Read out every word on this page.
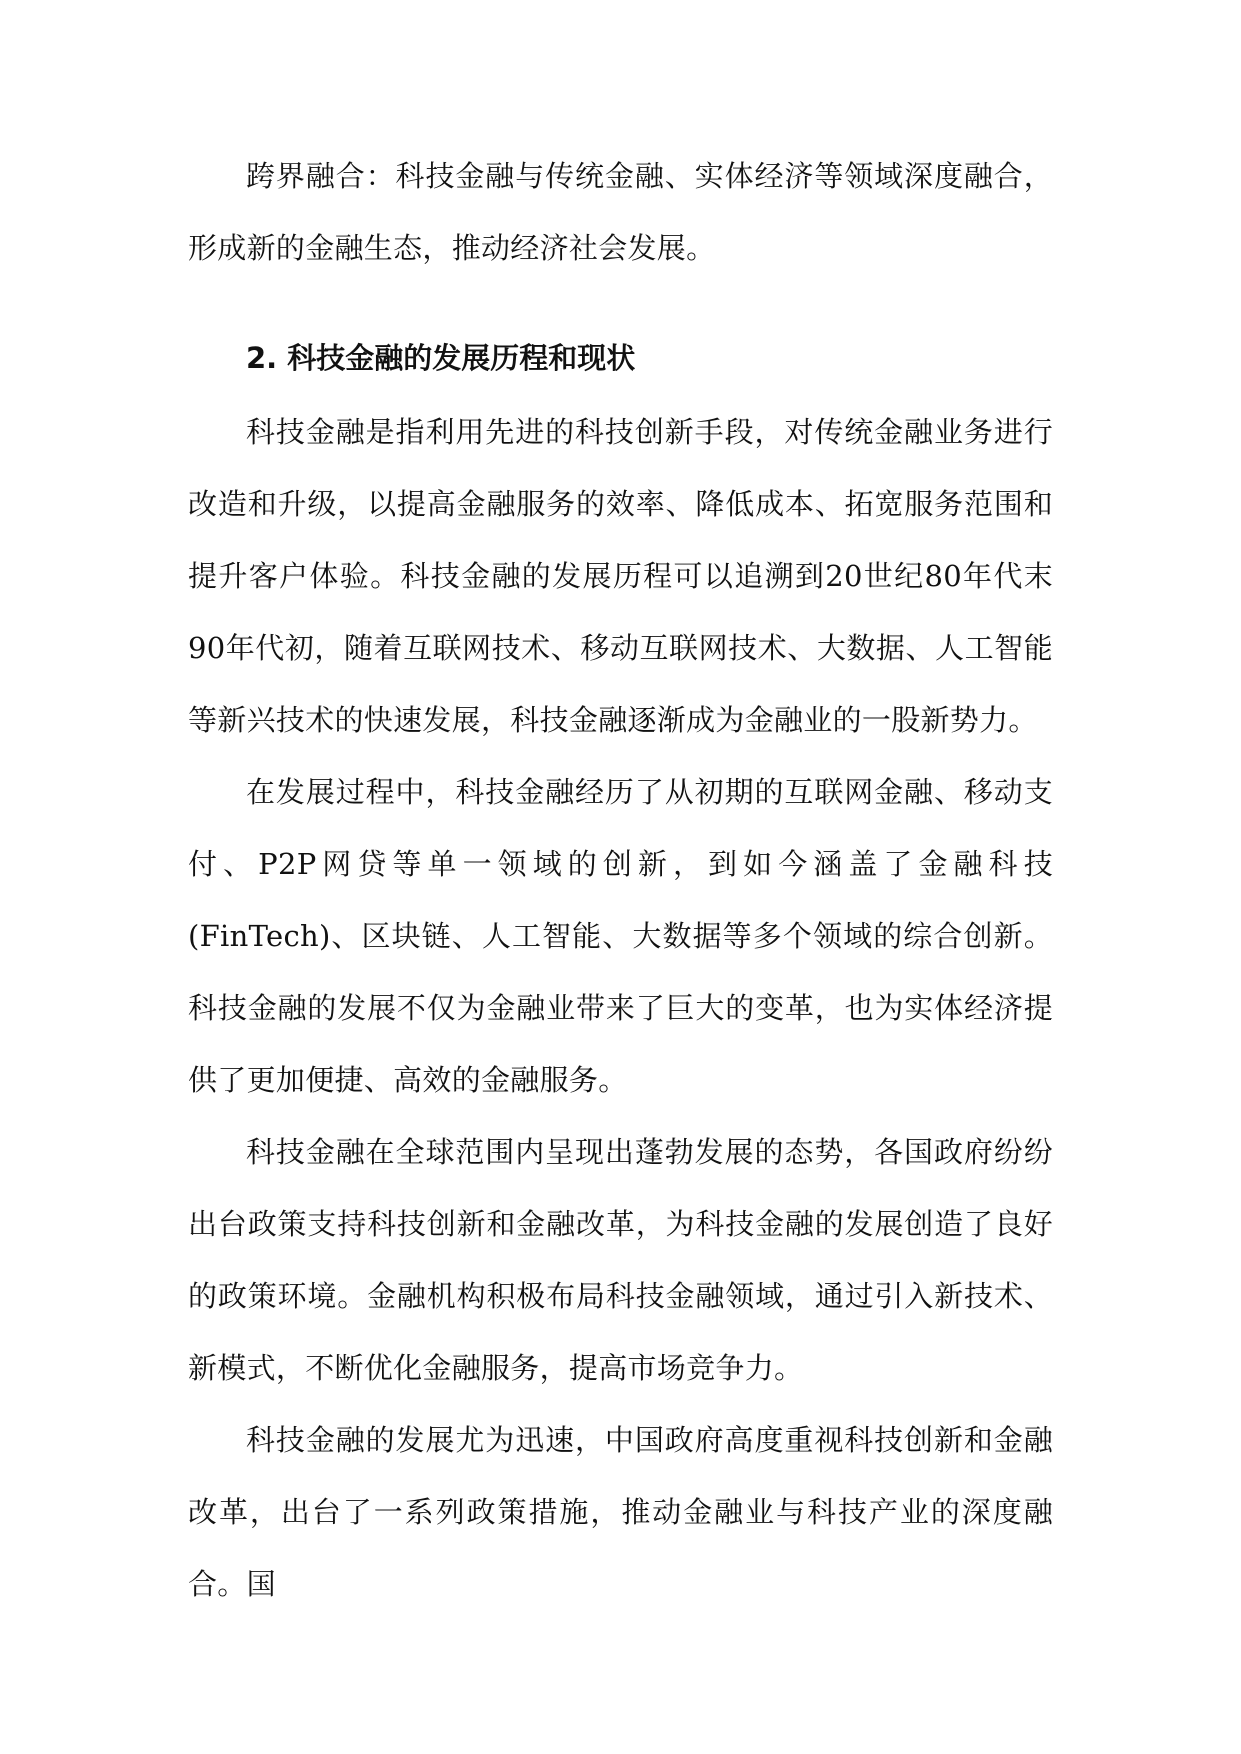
跨界融合：科技金融与传统金融、实体经济等领域深度融合，形成新的金融生态，推动经济社会发展。

2. 科技金融的发展历程和现状

科技金融是指利用先进的科技创新手段，对传统金融业务进行改造和升级，以提高金融服务的效率、降低成本、拓宽服务范围和提升客户体验。科技金融的发展历程可以追溯到20世纪80年代末90年代初，随着互联网技术、移动互联网技术、大数据、人工智能等新兴技术的快速发展，科技金融逐渐成为金融业的一股新势力。

在发展过程中，科技金融经历了从初期的互联网金融、移动支付、P2P网贷等单一领域的创新，到如今涵盖了金融科技(FinTech)、区块链、人工智能、大数据等多个领域的综合创新。科技金融的发展不仅为金融业带来了巨大的变革，也为实体经济提供了更加便捷、高效的金融服务。

科技金融在全球范围内呈现出蓬勃发展的态势，各国政府纷纷出台政策支持科技创新和金融改革，为科技金融的发展创造了良好的政策环境。金融机构积极布局科技金融领域，通过引入新技术、新模式，不断优化金融服务，提高市场竞争力。

科技金融的发展尤为迅速，中国政府高度重视科技创新和金融改革，出台了一系列政策措施，推动金融业与科技产业的深度融合。国
